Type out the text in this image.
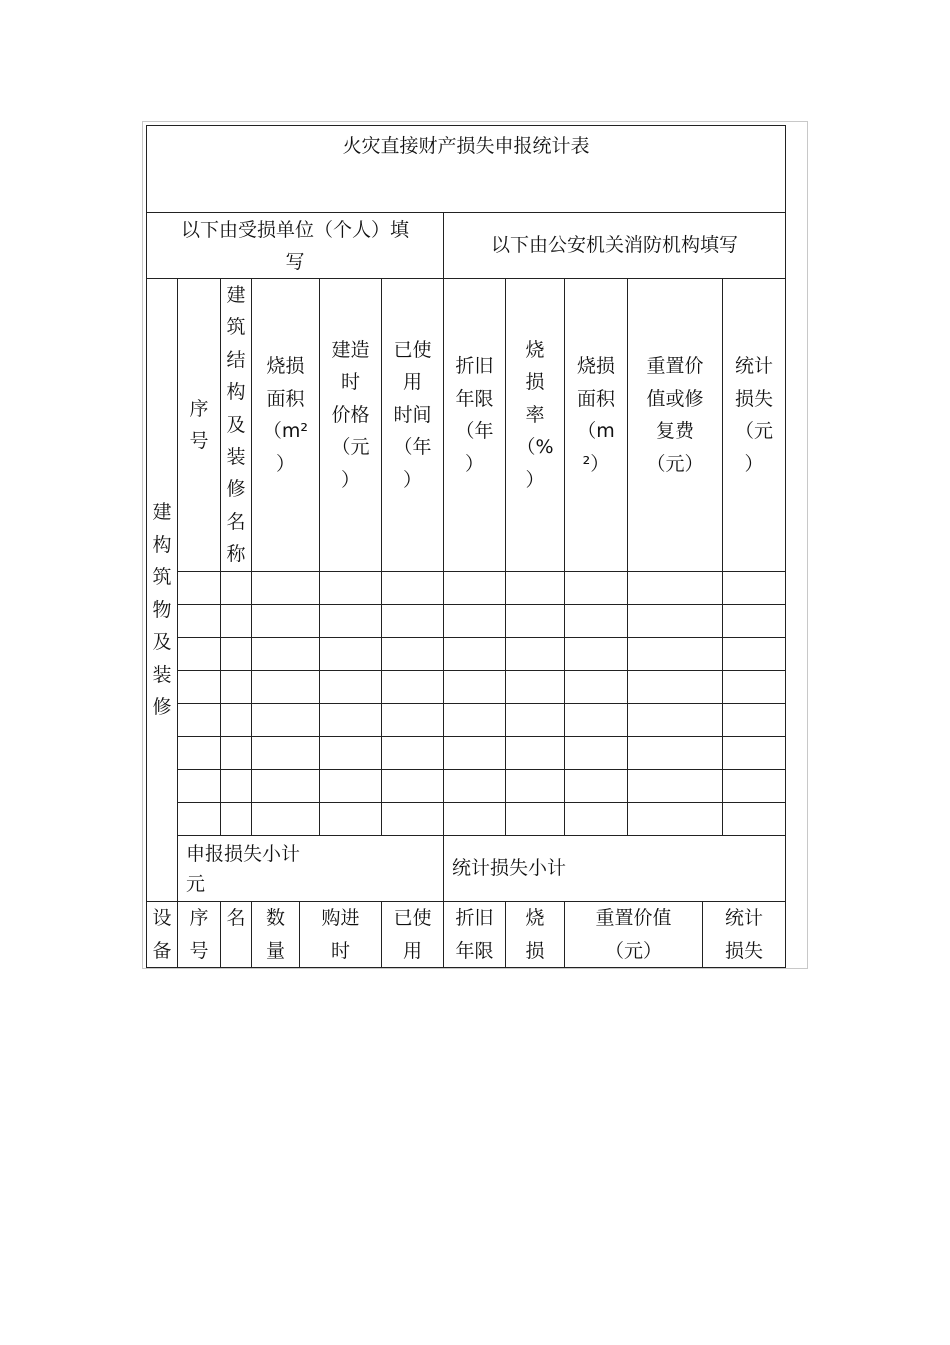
火灾直接财产损失申报统计表
以下由受损单位（个人）填
写
以下由公安机关消防机构填写
建
构
筑
物
及
装
修
序
号
建
筑
结
构
及
装
修
名
称
烧损
面积
（m²
）
建造
时
价格
（元
）
已使
用
时间
（年
）
折旧
年限
（年
）
烧
损
率
（%
）
烧损
面积
（m
²）
重置价
值或修
复费
（元）
统计
损失
（元
）
申报损失小计
元
统计损失小计
设
备
序
号
名	数
量
购进
时
已使
用
折旧
年限
烧
损
重置价值
（元）
统计
损失
